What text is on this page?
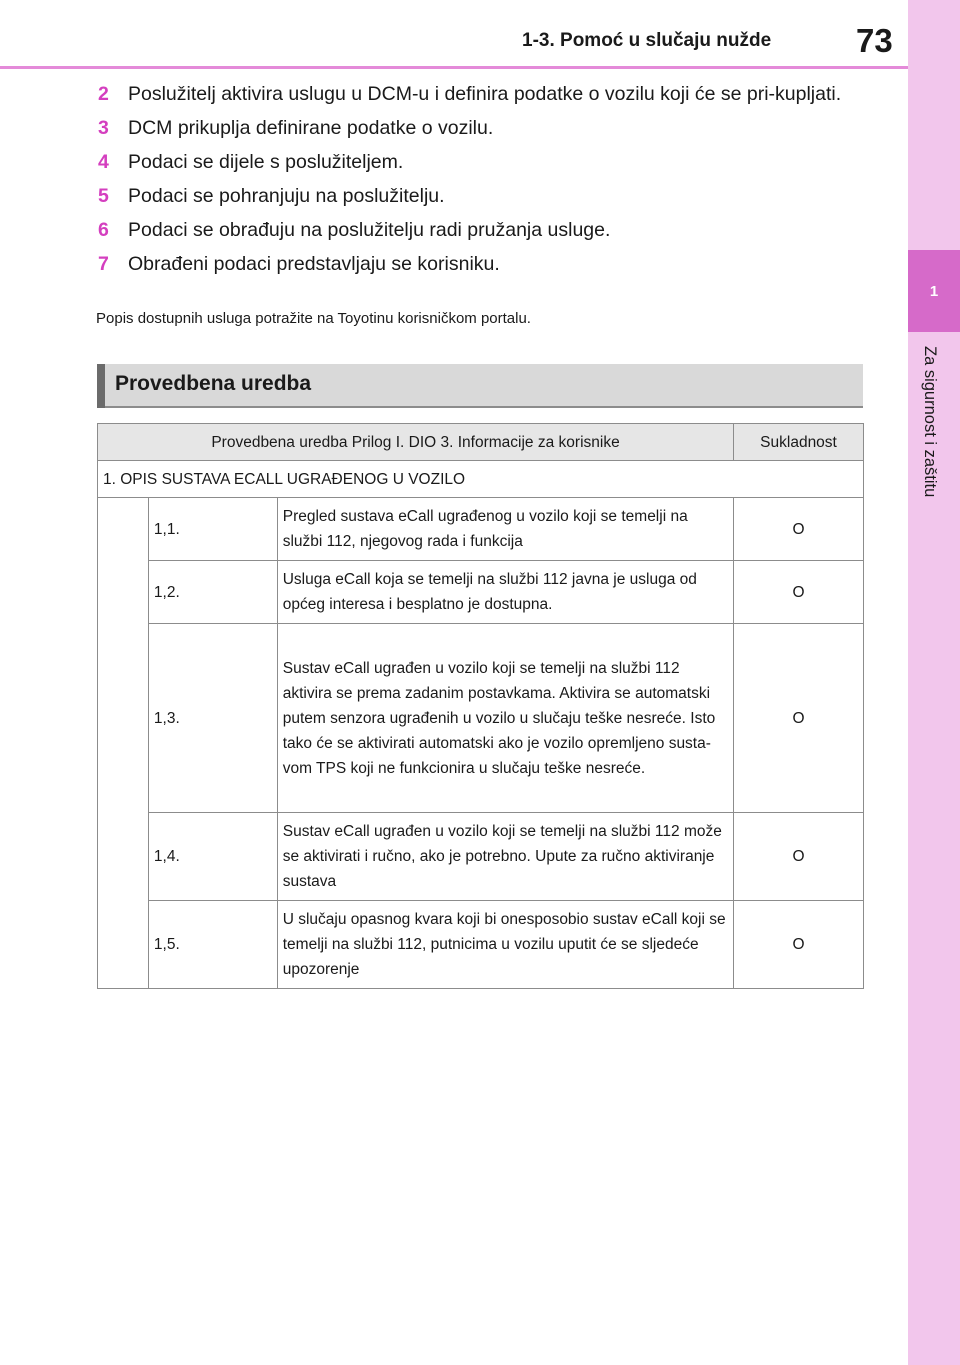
1-3. Pomoć u slučaju nužde	73
1
Za sigurnost i zaštitu
2 Poslužitelj aktivira uslugu u DCM-u i definira podatke o vozilu koji će se pri-kupljati.
3 DCM prikuplja definirane podatke o vozilu.
4 Podaci se dijele s poslužiteljem.
5 Podaci se pohranjuju na poslužitelju.
6 Podaci se obrađuju na poslužitelju radi pružanja usluge.
7 Obrađeni podaci predstavljaju se korisniku.
Popis dostupnih usluga potražite na Toyotinu korisničkom portalu.
Provedbena uredba
Provedbena uredba Prilog I. DIO 3. Informacije za korisnike			Sukladnost
1. OPIS SUSTAVA ECALL UGRAĐENOG U VOZILO			
	1,1.	Pregled sustava eCall ugrađenog u vozilo koji se temelji na službi 112, njegovog rada i funkcija	O
	1,2.	Usluga eCall koja se temelji na službi 112 javna je usluga od općeg interesa i besplatno je dostupna.	O
	1,3.	Sustav eCall ugrađen u vozilo koji se temelji na službi 112 aktivira se prema zadanim postavkama. Aktivira se automatski putem senzora ugrađenih u vozilo u slučaju teške nesreće. Isto tako će se aktivirati automatski ako je vozilo opremljeno susta-vom TPS koji ne funkcionira u slučaju teške nesreće.	O
	1,4.	Sustav eCall ugrađen u vozilo koji se temelji na službi 112 može se aktivirati i ručno, ako je potrebno. Upute za ručno aktiviranje sustava	O
	1,5.	U slučaju opasnog kvara koji bi onesposobio sustav eCall koji se temelji na službi 112, putnicima u vozilu uputit će se sljedeće upozorenje	O
